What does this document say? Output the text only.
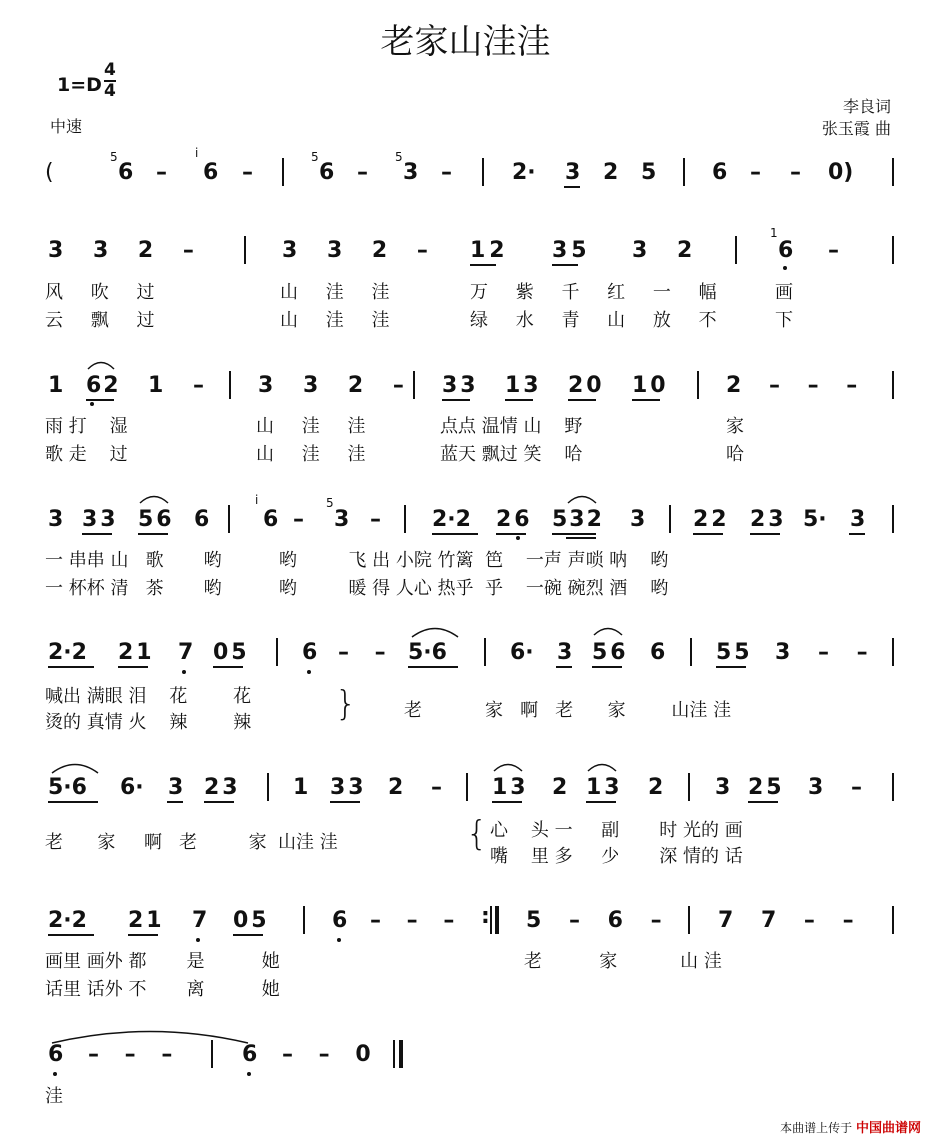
老家山洼洼
1=D
4
4
中速
李良词
张玉霞 曲
(
5
6 –
i
6 –
5
6 –
5
3 –	2· 3 2 5	6 – – 0)
3 3 2 –	3 3 2 – 12 35 3 2
1
6 –
风 吹 过	山 洼 洼	万 紫 千 红 一 幅	画
云 飘 过	山 洼 洼	绿 水 青 山 放 不	下
1 62 1 – 3 3 2 – 33 13 20 10	2 – – –
雨 打    湿	山 洼 洼	点点 温情 山    野	家
歌 走    过	山 洼 洼	蓝天 飘过 笑    哈	哈
3 33 56 6
i
6 –
5
3 – 2·2 26 532 3 22 23 5· 3
一 串串 山   歌       哟          哟         飞 出 小院 竹篱  笆    一声 声唢 呐    哟
一 杯杯 清   茶       哟          哟         暖 得 人心 热乎  乎    一碗 碗烈 酒    哟
2·2 21 7 05 6 – – 5·6	6· 3 56 6 55 3 – –
喊出 满眼 泪    花        花
烫的 真情 火    辣        辣 }	老           家   啊   老      家        山洼 洼
5·6 6· 3 23 1 33 2 – 13 2 13 2 3 25 3 –
老      家     啊   老         家  山洼 洼	{ 心    头 一     副       时 光的 画
嘴    里 多     少       深 情的 话
2·2 21 7 05	6 – – – : 5 – 6 –	7 7 – –
画里 画外 都       是          她	老          家           山 洼
话里 话外 不       离          她
6 – – –	6 – – 0
洼
本曲谱上传于 中国曲谱网
